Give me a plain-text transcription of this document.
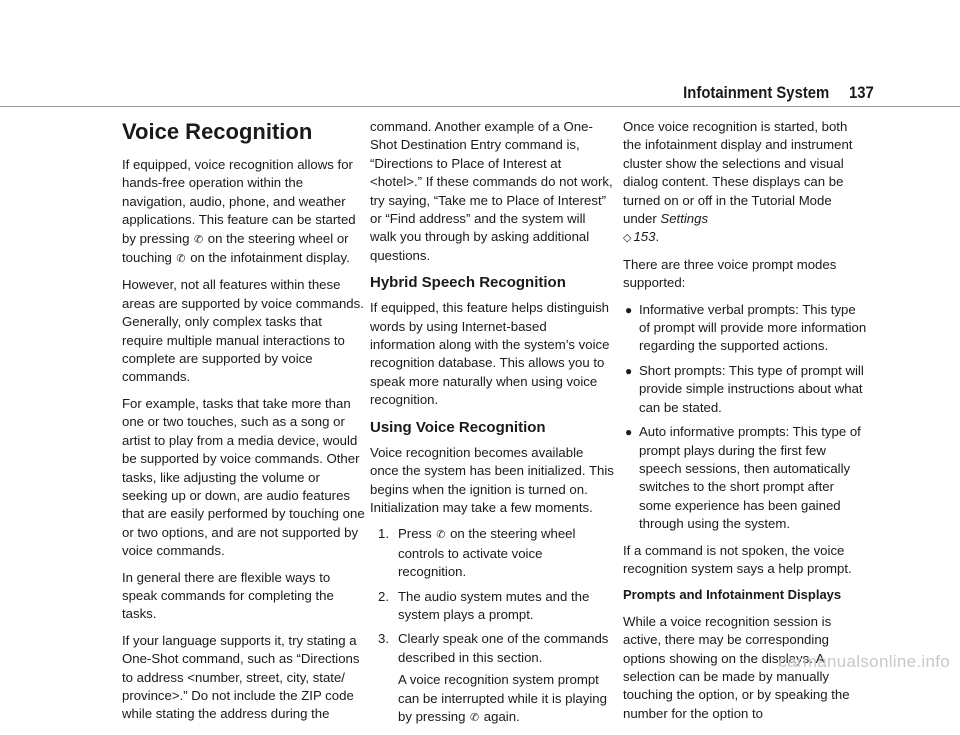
Infotainment System 137
Voice Recognition

If equipped, voice recognition allows for hands-free operation within the navigation, audio, phone, and weather applications. This feature can be started by pressing ✆ on the steering wheel or touching ✆ on the infotainment display.

However, not all features within these areas are supported by voice commands. Generally, only complex tasks that require multiple manual interactions to complete are supported by voice commands.

For example, tasks that take more than one or two touches, such as a song or artist to play from a media device, would be supported by voice commands. Other tasks, like adjusting the volume or seeking up or down, are audio features that are easily performed by touching one or two options, and are not supported by voice commands.

In general there are flexible ways to speak commands for completing the tasks.

If your language supports it, try stating a One-Shot command, such as “Directions to address <number, street, city, state/ province>.” Do not include the ZIP code while stating the address during the

command. Another example of a One-Shot Destination Entry command is, “Directions to Place of Interest at <hotel>.” If these commands do not work, try saying, “Take me to Place of Interest” or “Find address” and the system will walk you through by asking additional questions.

Hybrid Speech Recognition

If equipped, this feature helps distinguish words by using Internet-based information along with the system’s voice recognition database. This allows you to speak more naturally when using voice recognition.

Using Voice Recognition

Voice recognition becomes available once the system has been initialized. This begins when the ignition is turned on. Initialization may take a few moments.

1. Press ✆ on the steering wheel controls to activate voice recognition.
2. The audio system mutes and the system plays a prompt.
3. Clearly speak one of the commands described in this section.
A voice recognition system prompt can be interrupted while it is playing by pressing ✆ again.

Once voice recognition is started, both the infotainment display and instrument cluster show the selections and visual dialog content. These displays can be turned on or off in the Tutorial Mode under Settings
◇ 153.

There are three voice prompt modes supported:

● Informative verbal prompts: This type of prompt will provide more information regarding the supported actions.
● Short prompts: This type of prompt will provide simple instructions about what can be stated.
● Auto informative prompts: This type of prompt plays during the first few speech sessions, then automatically switches to the short prompt after some experience has been gained through using the system.

If a command is not spoken, the voice recognition system says a help prompt.

Prompts and Infotainment Displays

While a voice recognition session is active, there may be corresponding options showing on the displays. A selection can be made by manually touching the option, or by speaking the number for the option to

carmanualsonline.info
